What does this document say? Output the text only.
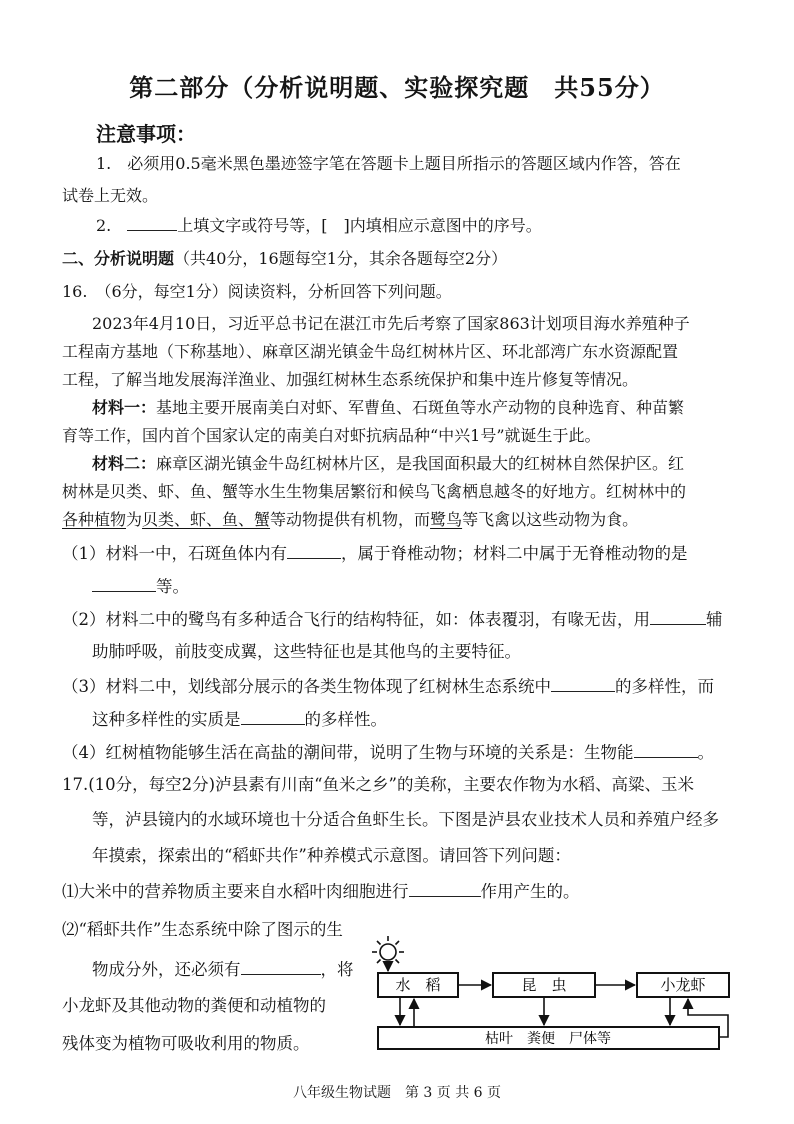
第二部分（分析说明题、实验探究题　共55分）
注意事项：
1.　必须用0.5毫米黑色墨迹签字笔在答题卡上题目所指示的答题区域内作答，答在
试卷上无效。
2.	上填文字或符号等，[　]内填相应示意图中的序号。
二、分析说明题（共40分，16题每空1分，其余各题每空2分）
16.　（6分，每空1分）阅读资料，分析回答下列问题。
2023年4月10日，习近平总书记在湛江市先后考察了国家863计划项目海水养殖种子
工程南方基地（下称基地）、麻章区湖光镇金牛岛红树林片区、环北部湾广东水资源配置
工程，了解当地发展海洋渔业、加强红树林生态系统保护和集中连片修复等情况。
材料一：基地主要开展南美白对虾、军曹鱼、石斑鱼等水产动物的良种选育、种苗繁
育等工作，国内首个国家认定的南美白对虾抗病品种“中兴1号”就诞生于此。
材料二：麻章区湖光镇金牛岛红树林片区，是我国面积最大的红树林自然保护区。红
树林是贝类、虾、鱼、蟹等水生生物集居繁衍和候鸟飞禽栖息越冬的好地方。红树林中的
各种植物为贝类、虾、鱼、蟹等动物提供有机物，而鹭鸟等飞禽以这些动物为食。
（1）材料一中，石斑鱼体内有	，属于脊椎动物；材料二中属于无脊椎动物的是
等。
（2）材料二中的鹭鸟有多种适合飞行的结构特征，如：体表覆羽，有喙无齿，用	辅
助肺呼吸，前肢变成翼，这些特征也是其他鸟的主要特征。
（3）材料二中，划线部分展示的各类生物体现了红树林生态系统中	的多样性，而
这种多样性的实质是	的多样性。
（4）红树植物能够生活在高盐的潮间带，说明了生物与环境的关系是：生物能	。
17.(10分，每空2分)泸县素有川南“鱼米之乡”的美称，主要农作物为水稻、高粱、玉米
等，泸县镜内的水域环境也十分适合鱼虾生长。下图是泸县农业技术人员和养殖户经多
年摸索，探索出的“稻虾共作”种养模式示意图。请回答下列问题：
⑴大米中的营养物质主要来自水稻叶肉细胞进行	作用产生的。
⑵“稻虾共作”生态系统中除了图示的生
物成分外，还必须有	，将
小龙虾及其他动物的粪便和动植物的
残体变为植物可吸收利用的物质。
水　稻	昆　虫	小龙虾
枯叶　粪便　尸体等
八年级生物试题　第 3 页 共 6 页
